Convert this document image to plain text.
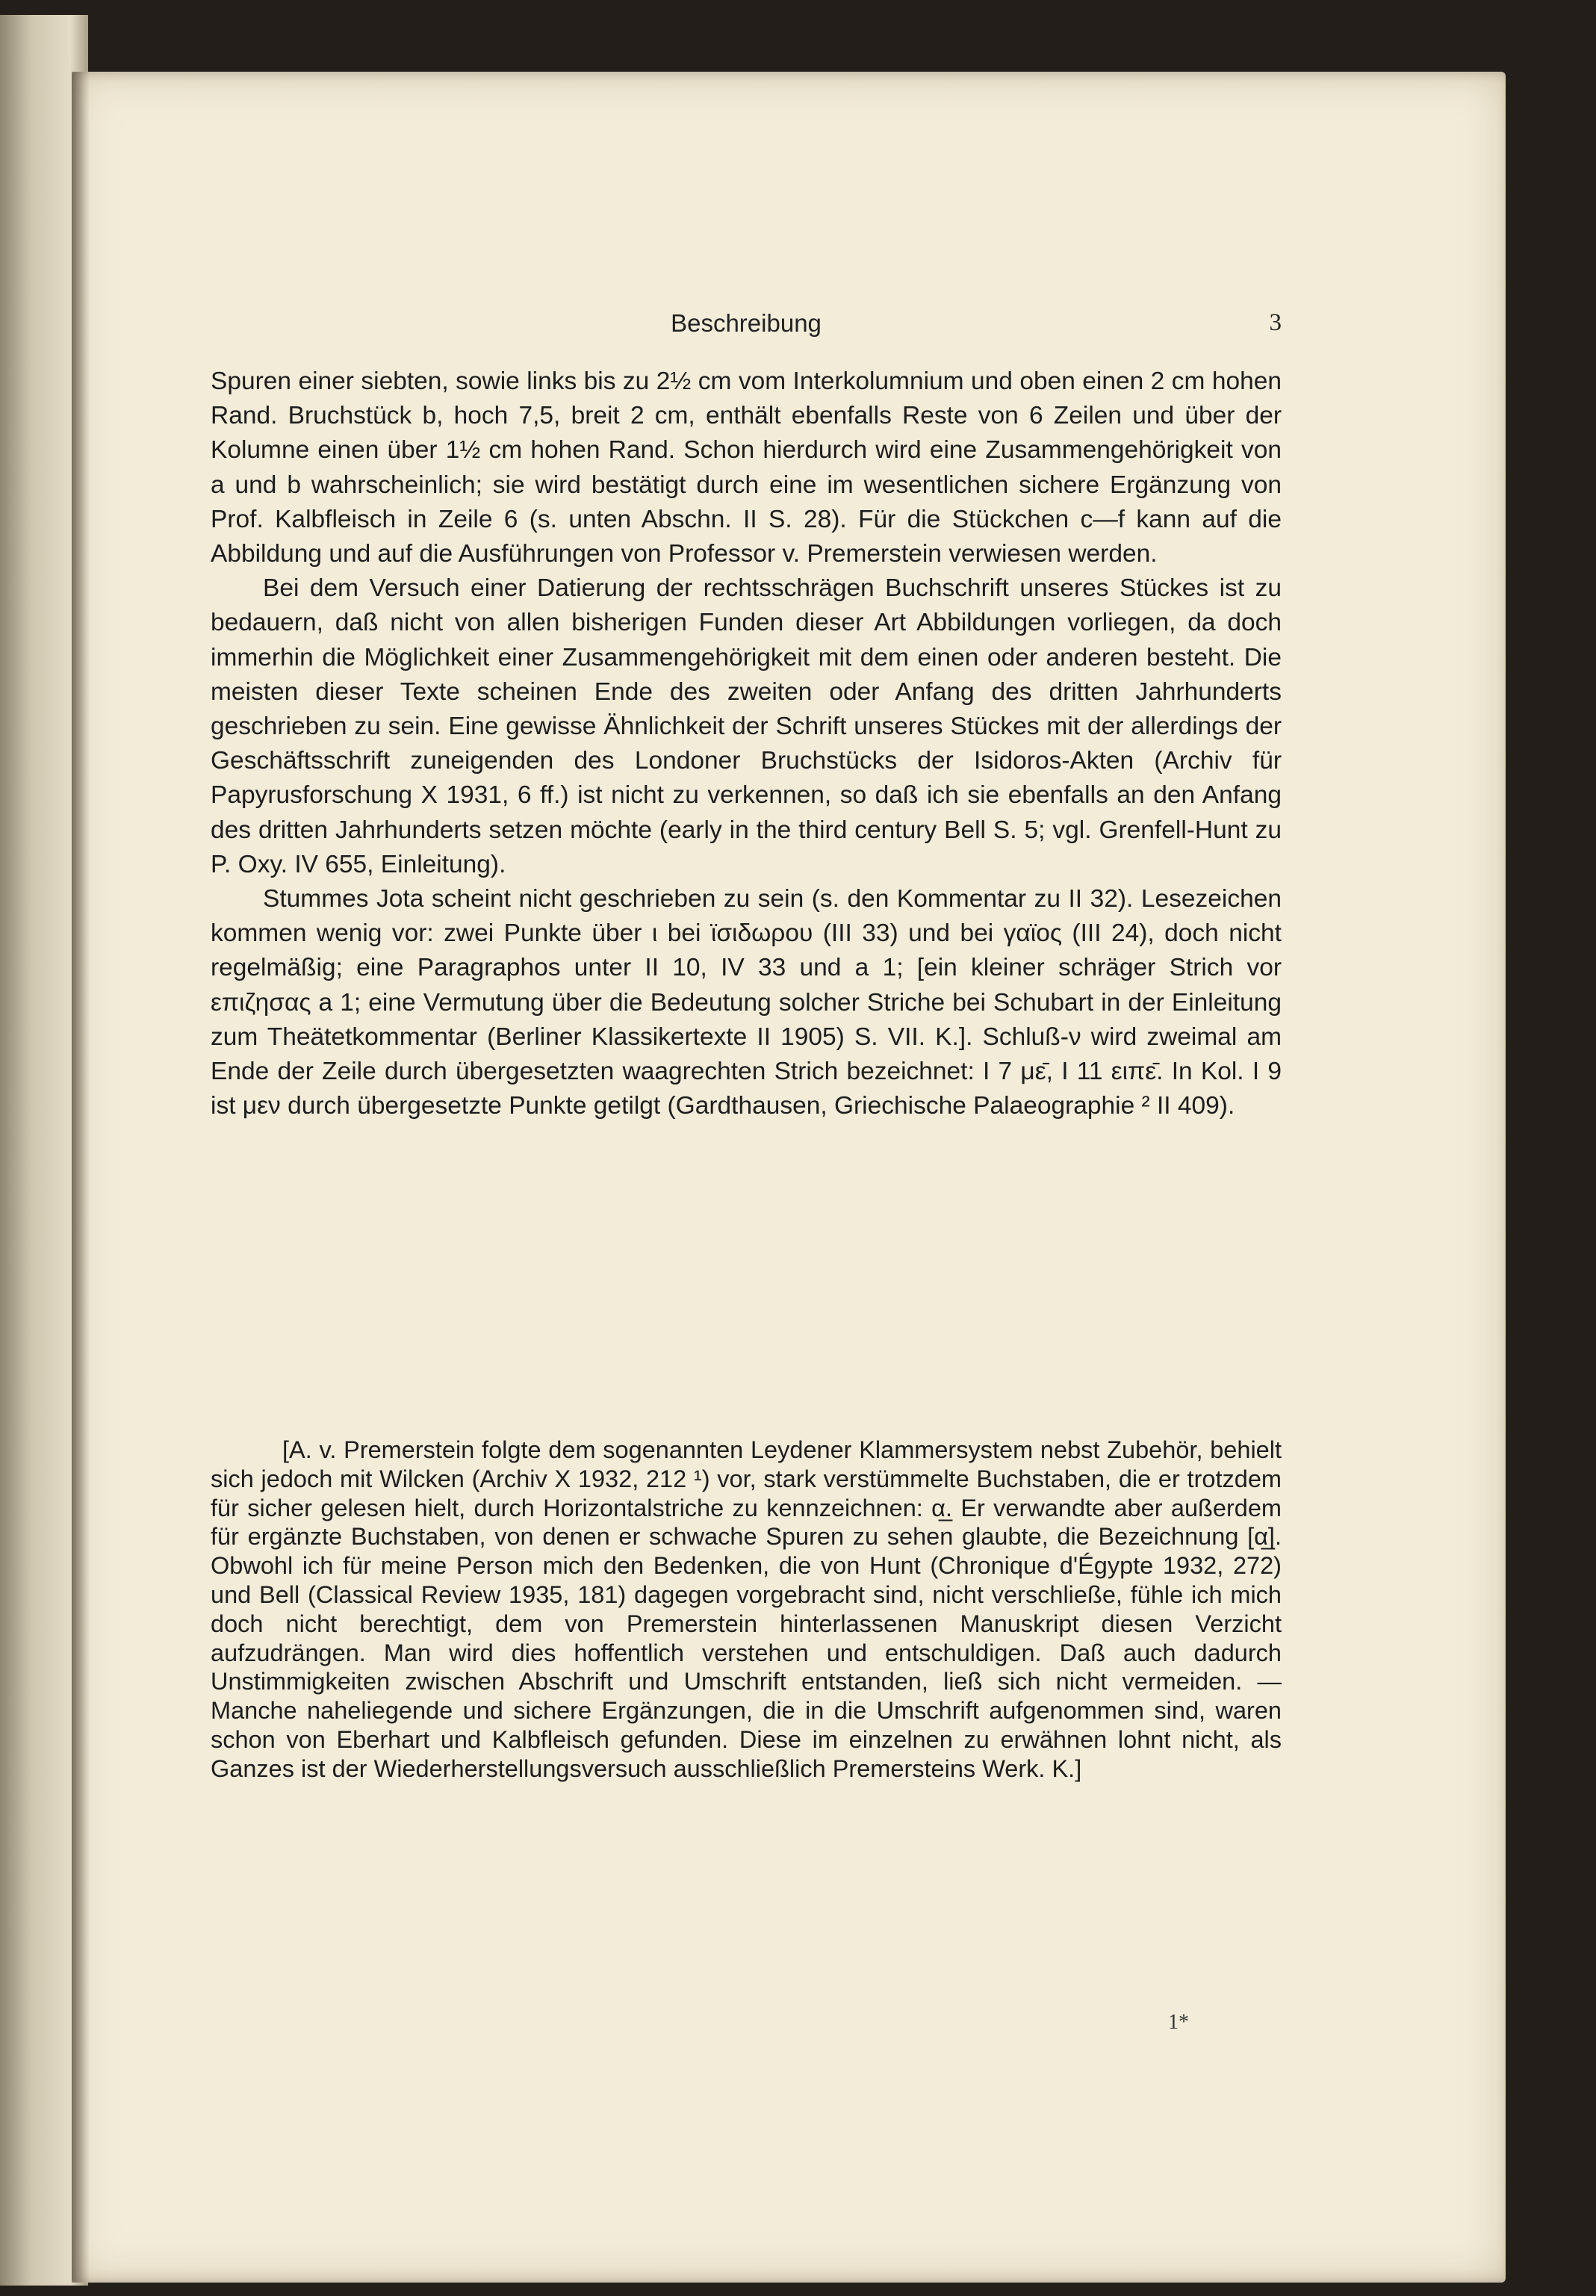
Beschreibung	3

Spuren einer siebten, sowie links bis zu 2½ cm vom Interkolumnium und oben einen 2 cm hohen Rand. Bruchstück b, hoch 7,5, breit 2 cm, enthält ebenfalls Reste von 6 Zeilen und über der Kolumne einen über 1½ cm hohen Rand. Schon hierdurch wird eine Zusammengehörigkeit von a und b wahrscheinlich; sie wird bestätigt durch eine im wesentlichen sichere Ergänzung von Prof. Kalbfleisch in Zeile 6 (s. unten Abschn. II S. 28). Für die Stückchen c—f kann auf die Abbildung und auf die Ausführungen von Professor v. Premerstein verwiesen werden.

Bei dem Versuch einer Datierung der rechtsschrägen Buchschrift unseres Stückes ist zu bedauern, daß nicht von allen bisherigen Funden dieser Art Abbildungen vorliegen, da doch immerhin die Möglichkeit einer Zusammengehörigkeit mit dem einen oder anderen besteht. Die meisten dieser Texte scheinen Ende des zweiten oder Anfang des dritten Jahrhunderts geschrieben zu sein. Eine gewisse Ähnlichkeit der Schrift unseres Stückes mit der allerdings der Geschäftsschrift zuneigenden des Londoner Bruchstücks der Isidoros-Akten (Archiv für Papyrusforschung X 1931, 6 ff.) ist nicht zu verkennen, so daß ich sie ebenfalls an den Anfang des dritten Jahrhunderts setzen möchte (early in the third century Bell S. 5; vgl. Grenfell-Hunt zu P. Oxy. IV 655, Einleitung).

Stummes Jota scheint nicht geschrieben zu sein (s. den Kommentar zu II 32). Lesezeichen kommen wenig vor: zwei Punkte über ι bei ϊσιδωρου (III 33) und bei γαϊος (III 24), doch nicht regelmäßig; eine Paragraphos unter II 10, IV 33 und a 1; [ein kleiner schräger Strich vor επιζησας a 1; eine Vermutung über die Bedeutung solcher Striche bei Schubart in der Einleitung zum Theätetkommentar (Berliner Klassikertexte II 1905) S. VII. K.]. Schluß-ν wird zweimal am Ende der Zeile durch übergesetzten waagrechten Strich bezeichnet: I 7 με̄, I 11 ειπε̄. In Kol. I 9 ist μεν durch übergesetzte Punkte getilgt (Gardthausen, Griechische Palaeographie ² II 409).

[A. v. Premerstein folgte dem sogenannten Leydener Klammersystem nebst Zubehör, behielt sich jedoch mit Wilcken (Archiv X 1932, 212 ¹) vor, stark verstümmelte Buchstaben, die er trotzdem für sicher gelesen hielt, durch Horizontalstriche zu kennzeichnen: α̲. Er verwandte aber außerdem für ergänzte Buchstaben, von denen er schwache Spuren zu sehen glaubte, die Bezeichnung [α̲]. Obwohl ich für meine Person mich den Bedenken, die von Hunt (Chronique d'Égypte 1932, 272) und Bell (Classical Review 1935, 181) dagegen vorgebracht sind, nicht verschließe, fühle ich mich doch nicht berechtigt, dem von Premerstein hinterlassenen Manuskript diesen Verzicht aufzudrängen. Man wird dies hoffentlich verstehen und entschuldigen. Daß auch dadurch Unstimmigkeiten zwischen Abschrift und Umschrift entstanden, ließ sich nicht vermeiden. — Manche naheliegende und sichere Ergänzungen, die in die Umschrift aufgenommen sind, waren schon von Eberhart und Kalbfleisch gefunden. Diese im einzelnen zu erwähnen lohnt nicht, als Ganzes ist der Wiederherstellungsversuch ausschließlich Premersteins Werk. K.]

1*
